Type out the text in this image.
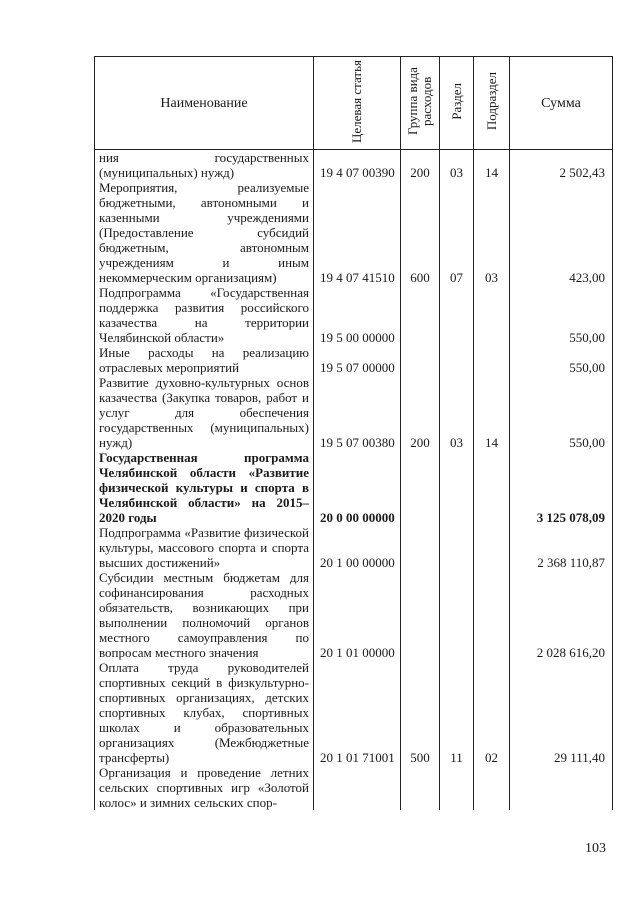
Наименование	Целевая статья	Группа вида расходов	Раздел	Подраздел	Сумма
ния государственных (муниципальных) нужд)	19 4 07 00390	200	03	14	2 502,43
Мероприятия, реализуемые бюджетными, автономными и казенными учреждениями (Предоставление субсидий бюджетным, автономным учреждениям и иным некоммерческим организациям)	19 4 07 41510	600	07	03	423,00
Подпрограмма «Государственная поддержка развития российского казачества на территории Челябинской области»	19 5 00 00000				550,00
Иные расходы на реализацию отраслевых мероприятий	19 5 07 00000				550,00
Развитие духовно-культурных основ казачества (Закупка товаров, работ и услуг для обеспечения государственных (муниципальных) нужд)	19 5 07 00380	200	03	14	550,00
Государственная программа Челябинской области «Развитие физической культуры и спорта в Челябинской области» на 2015–2020 годы	20 0 00 00000				3 125 078,09
Подпрограмма «Развитие физической культуры, массового спорта и спорта высших достижений»	20 1 00 00000				2 368 110,87
Субсидии местным бюджетам для софинансирования расходных обязательств, возникающих при выполнении полномочий органов местного самоуправления по вопросам местного значения	20 1 01 00000				2 028 616,20
Оплата труда руководителей спортивных секций в физкультурно-спортивных организациях, детских спортивных клубах, спортивных школах и образовательных организациях (Межбюджетные трансферты)	20 1 01 71001	500	11	02	29 111,40
Организация и проведение летних сельских спортивных игр «Золотой колос» и зимних сельских спор-					
103
